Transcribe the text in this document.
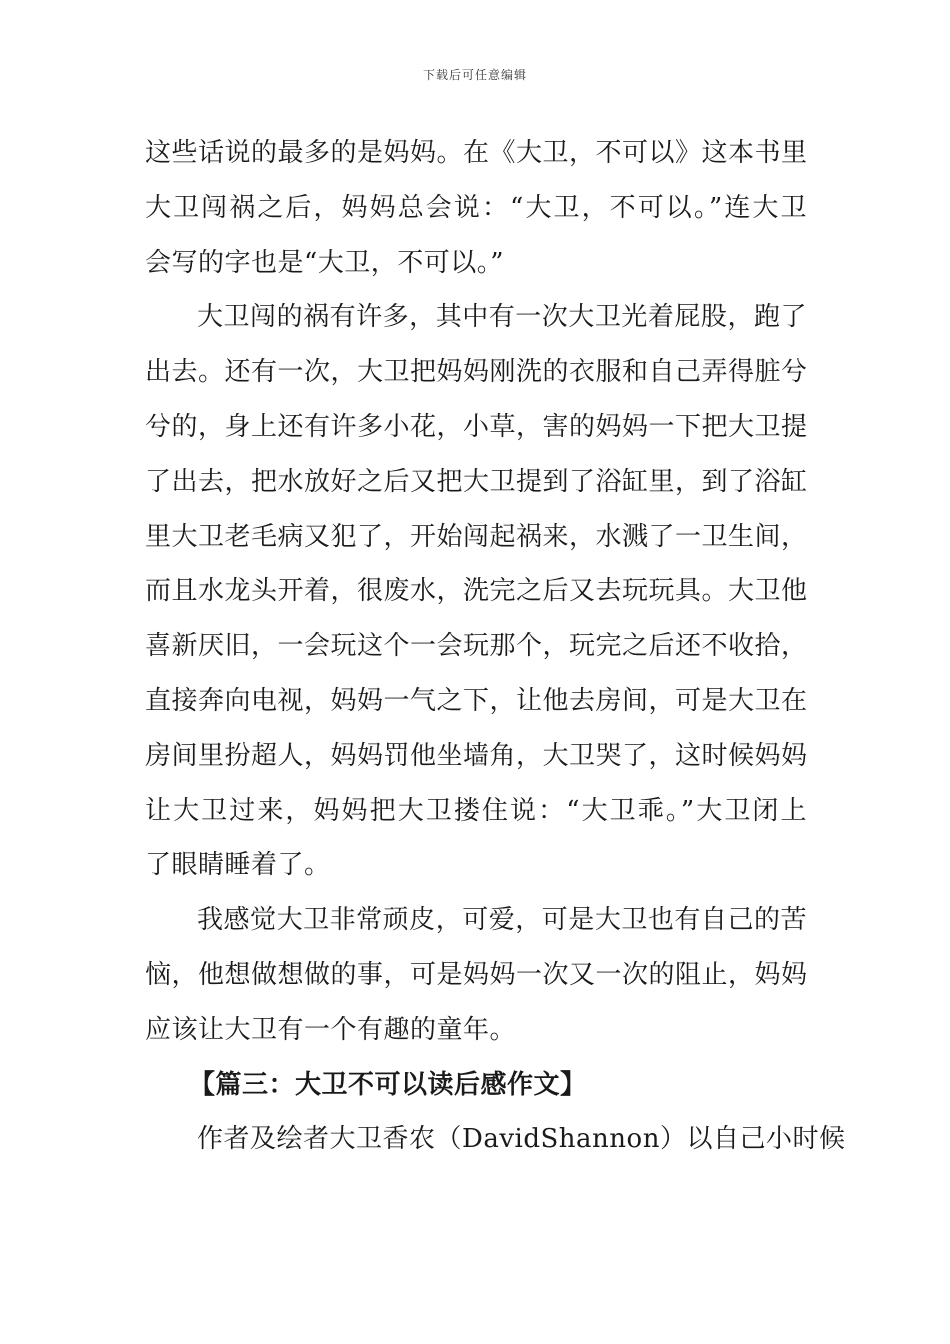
下载后可任意编辑
这些话说的最多的是妈妈。在《大卫，不可以》这本书里
大卫闯祸之后，妈妈总会说：“大卫，不可以。”连大卫
会写的字也是“大卫，不可以。”
大卫闯的祸有许多，其中有一次大卫光着屁股，跑了
出去。还有一次，大卫把妈妈刚洗的衣服和自己弄得脏兮
兮的，身上还有许多小花，小草，害的妈妈一下把大卫提
了出去，把水放好之后又把大卫提到了浴缸里，到了浴缸
里大卫老毛病又犯了，开始闯起祸来，水溅了一卫生间，
而且水龙头开着，很废水，洗完之后又去玩玩具。大卫他
喜新厌旧，一会玩这个一会玩那个，玩完之后还不收拾，
直接奔向电视，妈妈一气之下，让他去房间，可是大卫在
房间里扮超人，妈妈罚他坐墙角，大卫哭了，这时候妈妈
让大卫过来，妈妈把大卫搂住说：“大卫乖。”大卫闭上
了眼睛睡着了。
我感觉大卫非常顽皮，可爱，可是大卫也有自己的苦
恼，他想做想做的事，可是妈妈一次又一次的阻止，妈妈
应该让大卫有一个有趣的童年。
【篇三：大卫不可以读后感作文】
作者及绘者大卫香农（DavidShannon）以自己小时候
